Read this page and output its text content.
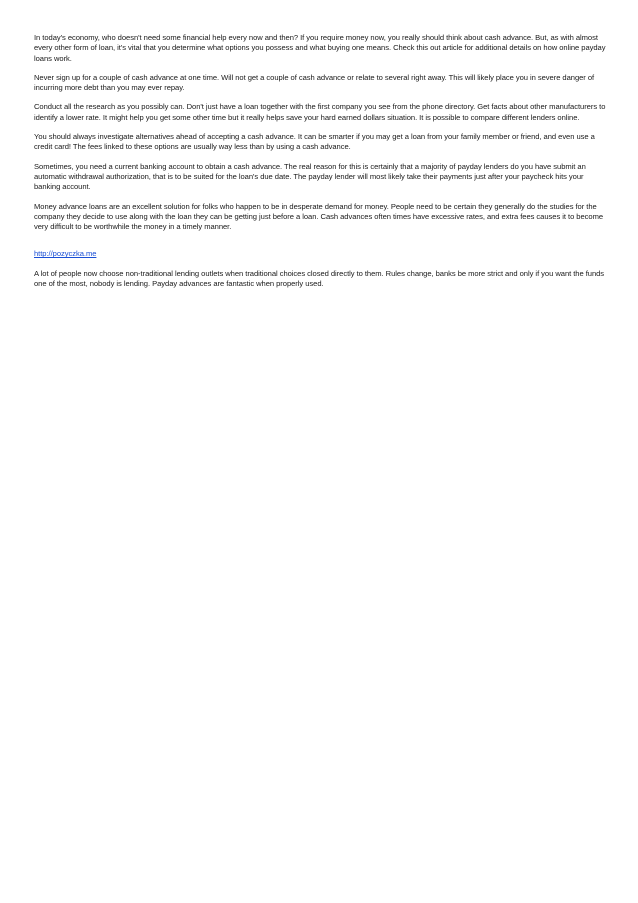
In today's economy, who doesn't need some financial help every now and then? If you require money now, you really should think about cash advance. But, as with almost every other form of loan, it's vital that you determine what options you possess and what buying one means. Check this out article for additional details on how online payday loans work.

Never sign up for a couple of cash advance at one time. Will not get a couple of cash advance or relate to several right away. This will likely place you in severe danger of incurring more debt than you may ever repay.

Conduct all the research as you possibly can. Don't just have a loan together with the first company you see from the phone directory. Get facts about other manufacturers to identify a lower rate. It might help you get some other time but it really helps save your hard earned dollars situation. It is possible to compare different lenders online.

You should always investigate alternatives ahead of accepting a cash advance. It can be smarter if you may get a loan from your family member or friend, and even use a credit card! The fees linked to these options are usually way less than by using a cash advance.

Sometimes, you need a current banking account to obtain a cash advance. The real reason for this is certainly that a majority of payday lenders do you have submit an automatic withdrawal authorization, that is to be suited for the loan's due date. The payday lender will most likely take their payments just after your paycheck hits your banking account.

Money advance loans are an excellent solution for folks who happen to be in desperate demand for money. People need to be certain they generally do the studies for the company they decide to use along with the loan they can be getting just before a loan. Cash advances often times have excessive rates, and extra fees causes it to become very difficult to be worthwhile the money in a timely manner.

http://pozyczka.me

A lot of people now choose non-traditional lending outlets when traditional choices closed directly to them. Rules change, banks be more strict and only if you want the funds one of the most, nobody is lending. Payday advances are fantastic when properly used.
